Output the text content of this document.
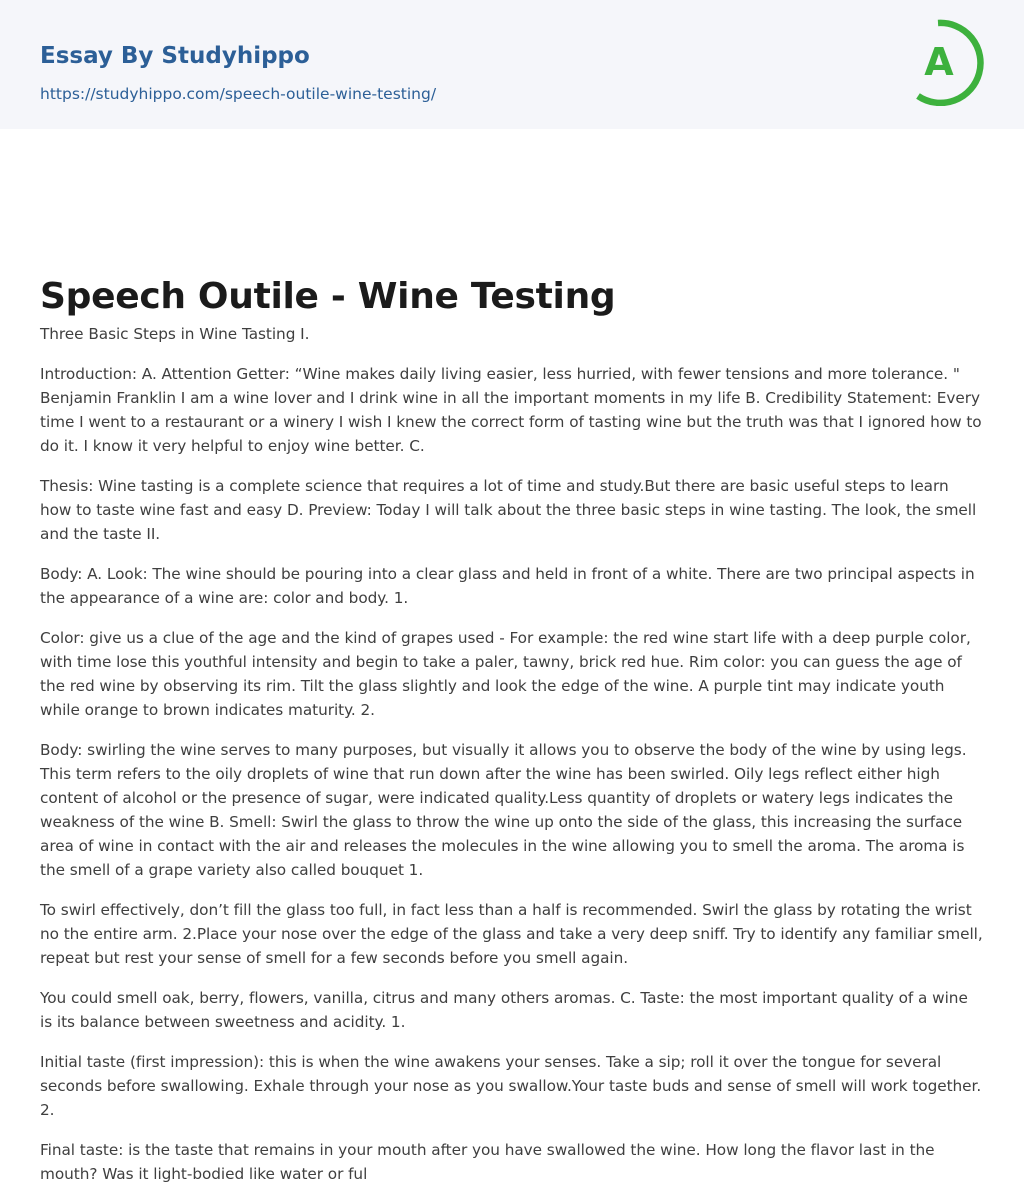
Essay By Studyhippo
https://studyhippo.com/speech-outile-wine-testing/
A
Speech Outile - Wine Testing

Three Basic Steps in Wine Tasting I.

Introduction: A. Attention Getter: “Wine makes daily living easier, less hurried, with fewer tensions and more tolerance. " Benjamin Franklin I am a wine lover and I drink wine in all the important moments in my life B. Credibility Statement: Every time I went to a restaurant or a winery I wish I knew the correct form of tasting wine but the truth was that I ignored how to do it. I know it very helpful to enjoy wine better. C.

Thesis: Wine tasting is a complete science that requires a lot of time and study.But there are basic useful steps to learn how to taste wine fast and easy D. Preview: Today I will talk about the three basic steps in wine tasting. The look, the smell and the taste II.

Body: A. Look: The wine should be pouring into a clear glass and held in front of a white. There are two principal aspects in the appearance of a wine are: color and body. 1.

Color: give us a clue of the age and the kind of grapes used - For example: the red wine start life with a deep purple color, with time lose this youthful intensity and begin to take a paler, tawny, brick red hue. Rim color: you can guess the age of the red wine by observing its rim. Tilt the glass slightly and look the edge of the wine. A purple tint may indicate youth while orange to brown indicates maturity. 2.

Body: swirling the wine serves to many purposes, but visually it allows you to observe the body of the wine by using legs. This term refers to the oily droplets of wine that run down after the wine has been swirled. Oily legs reflect either high content of alcohol or the presence of sugar, were indicated quality.Less quantity of droplets or watery legs indicates the weakness of the wine B. Smell: Swirl the glass to throw the wine up onto the side of the glass, this increasing the surface area of wine in contact with the air and releases the molecules in the wine allowing you to smell the aroma. The aroma is the smell of a grape variety also called bouquet 1.

To swirl effectively, don’t fill the glass too full, in fact less than a half is recommended. Swirl the glass by rotating the wrist no the entire arm. 2.Place your nose over the edge of the glass and take a very deep sniff. Try to identify any familiar smell, repeat but rest your sense of smell for a few seconds before you smell again.

You could smell oak, berry, flowers, vanilla, citrus and many others aromas. C. Taste: the most important quality of a wine is its balance between sweetness and acidity. 1.

Initial taste (first impression): this is when the wine awakens your senses. Take a sip; roll it over the tongue for several seconds before swallowing. Exhale through your nose as you swallow.Your taste buds and sense of smell will work together. 2.

Final taste: is the taste that remains in your mouth after you have swallowed the wine. How long the flavor last in the mouth? Was it light-bodied like water or ful
